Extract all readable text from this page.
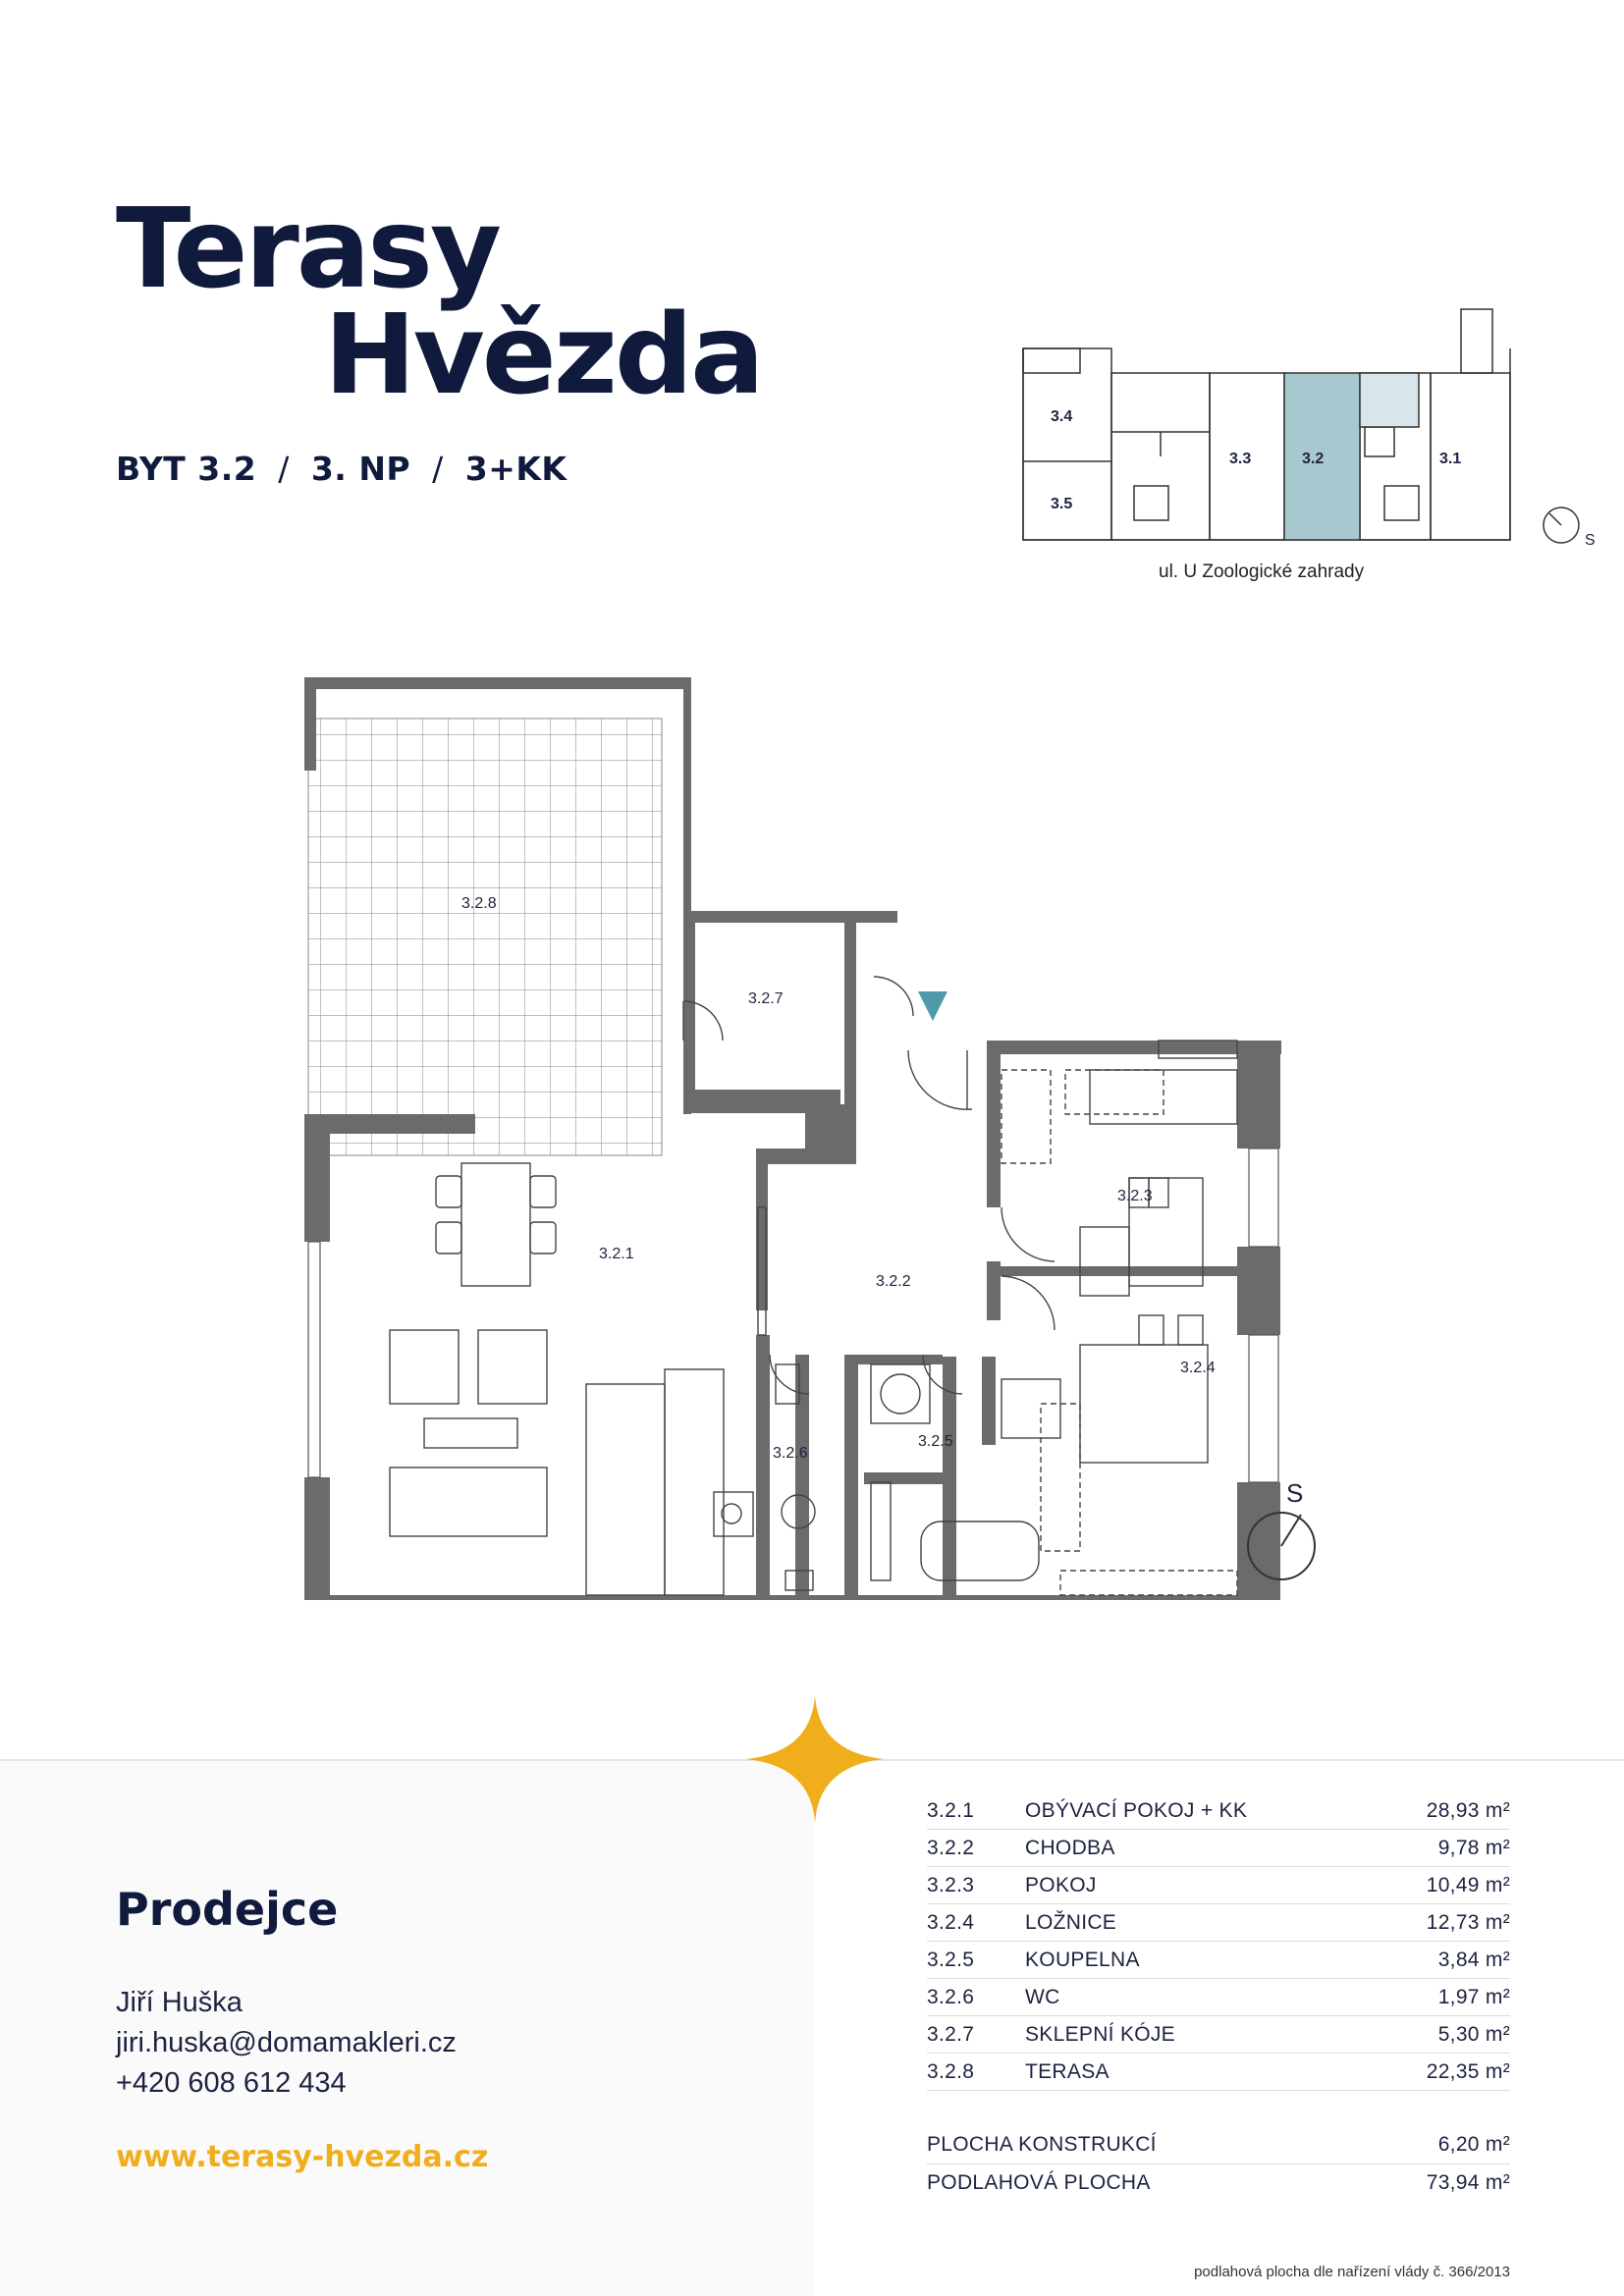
Terasy
Hvězda
BYT 3.2 / 3. NP / 3+KK
3.4
3.5
3.3	3.2	3.1
S
ul. U Zoologické zahrady
3.2.8
3.2.7
3.2.1
3.2.2
3.2.3
3.2.4
3.2.5
3.2.6
S
Prodejce
Jiří Huška
jiri.huska@domamakleri.cz
+420 608 612 434
www.terasy-hvezda.cz
3.2.1	OBÝVACÍ POKOJ + KK	28,93 m²
3.2.2	CHODBA	9,78 m²
3.2.3	POKOJ	10,49 m²
3.2.4	LOŽNICE	12,73 m²
3.2.5	KOUPELNA	3,84 m²
3.2.6	WC	1,97 m²
3.2.7	SKLEPNÍ KÓJE	5,30 m²
3.2.8	TERASA	22,35 m²
PLOCHA KONSTRUKCÍ	6,20 m²
PODLAHOVÁ PLOCHA	73,94 m²
podlahová plocha dle nařízení vlády č. 366/2013
